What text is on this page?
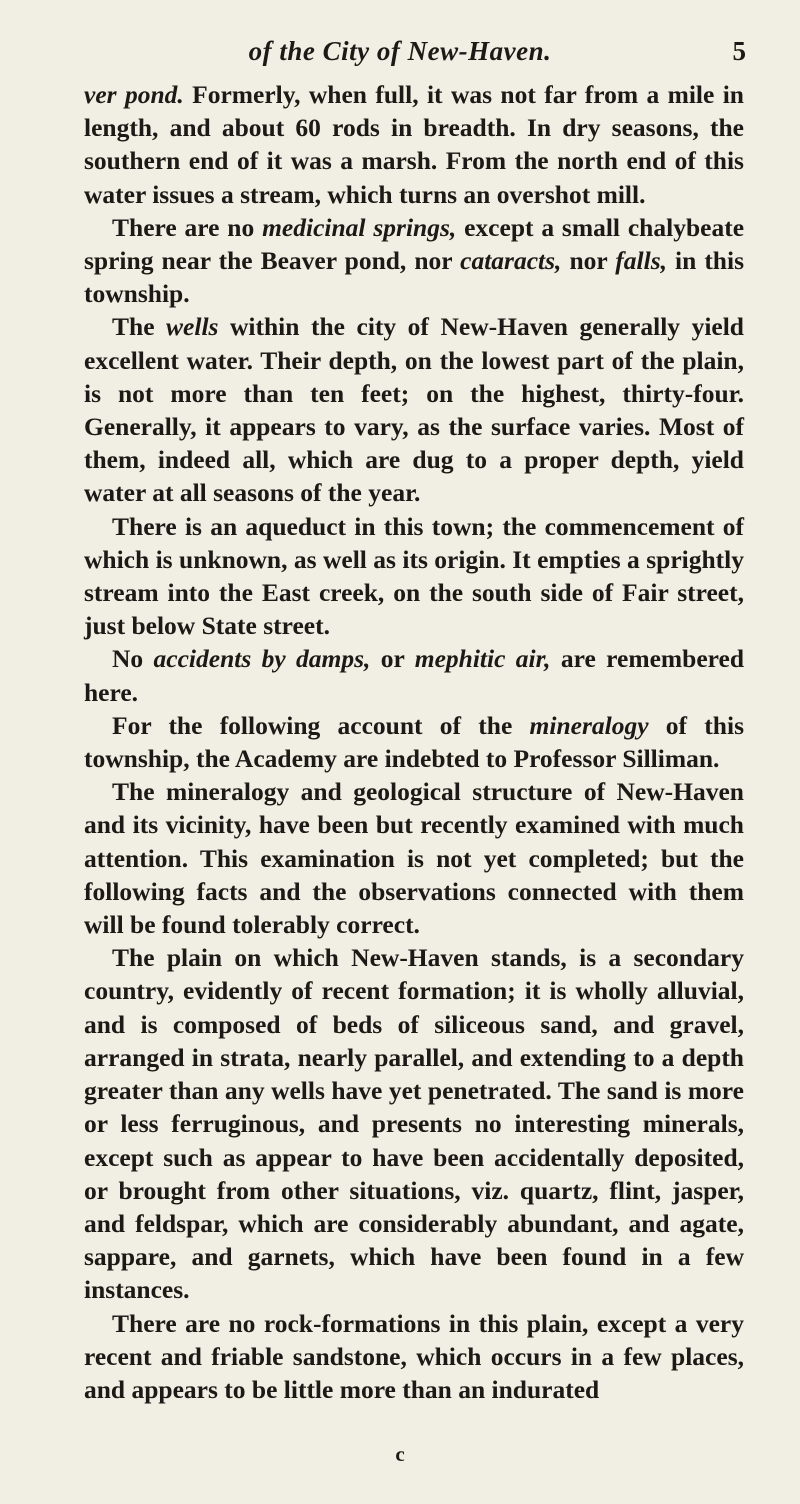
of the City of New-Haven.	5

ver pond. Formerly, when full, it was not far from a mile in length, and about 60 rods in breadth. In dry seasons, the southern end of it was a marsh. From the north end of this water issues a stream, which turns an overshot mill.

There are no medicinal springs, except a small chalybeate spring near the Beaver pond, nor cataracts, nor falls, in this township.

The wells within the city of New-Haven generally yield excellent water. Their depth, on the lowest part of the plain, is not more than ten feet; on the highest, thirty-four. Generally, it appears to vary, as the surface varies. Most of them, indeed all, which are dug to a proper depth, yield water at all seasons of the year.

There is an aqueduct in this town; the commencement of which is unknown, as well as its origin. It empties a sprightly stream into the East creek, on the south side of Fair street, just below State street.

No accidents by damps, or mephitic air, are remembered here.

For the following account of the mineralogy of this township, the Academy are indebted to Professor Silliman.

The mineralogy and geological structure of New-Haven and its vicinity, have been but recently examined with much attention. This examination is not yet completed; but the following facts and the observations connected with them will be found tolerably correct.

The plain on which New-Haven stands, is a secondary country, evidently of recent formation; it is wholly alluvial, and is composed of beds of siliceous sand, and gravel, arranged in strata, nearly parallel, and extending to a depth greater than any wells have yet penetrated. The sand is more or less ferruginous, and presents no interesting minerals, except such as appear to have been accidentally deposited, or brought from other situations, viz. quartz, flint, jasper, and feldspar, which are considerably abundant, and agate, sappare, and garnets, which have been found in a few instances.

There are no rock-formations in this plain, except a very recent and friable sandstone, which occurs in a few places, and appears to be little more than an indurated

c
